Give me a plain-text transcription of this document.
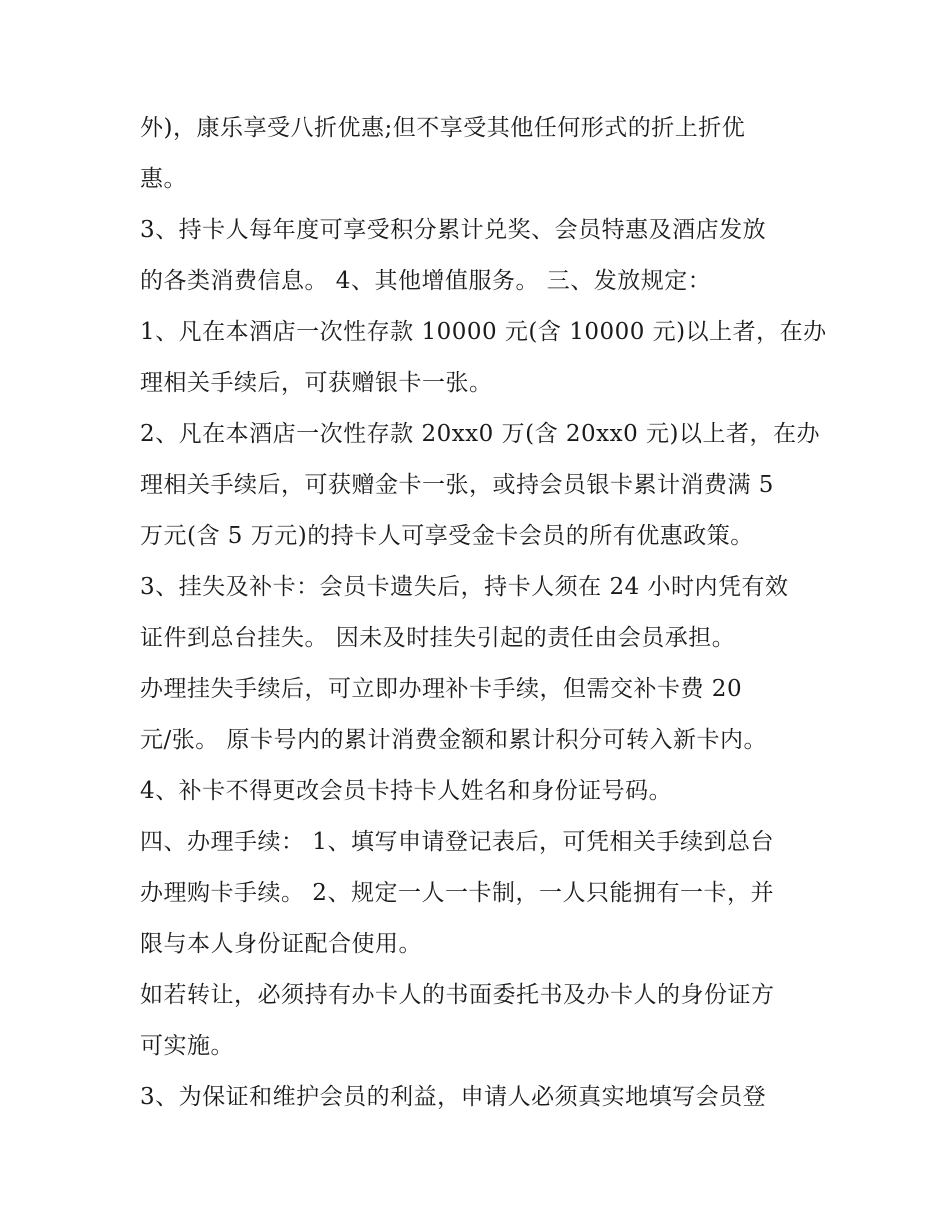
外)，康乐享受八折优惠;但不享受其他任何形式的折上折优
惠。
3、持卡人每年度可享受积分累计兑奖、会员特惠及酒店发放
的各类消费信息。 4、其他增值服务。 三、发放规定：
1、凡在本酒店一次性存款 10000 元(含 10000 元)以上者，在办
理相关手续后，可获赠银卡一张。
2、凡在本酒店一次性存款 20xx0 万(含 20xx0 元)以上者，在办
理相关手续后，可获赠金卡一张，或持会员银卡累计消费满 5
万元(含 5 万元)的持卡人可享受金卡会员的所有优惠政策。
3、挂失及补卡：会员卡遗失后，持卡人须在 24 小时内凭有效
证件到总台挂失。 因未及时挂失引起的责任由会员承担。
办理挂失手续后，可立即办理补卡手续，但需交补卡费 20
元/张。 原卡号内的累计消费金额和累计积分可转入新卡内。
4、补卡不得更改会员卡持卡人姓名和身份证号码。
四、办理手续： 1、填写申请登记表后，可凭相关手续到总台
办理购卡手续。 2、规定一人一卡制，一人只能拥有一卡，并
限与本人身份证配合使用。
如若转让，必须持有办卡人的书面委托书及办卡人的身份证方
可实施。
3、为保证和维护会员的利益，申请人必须真实地填写会员登
